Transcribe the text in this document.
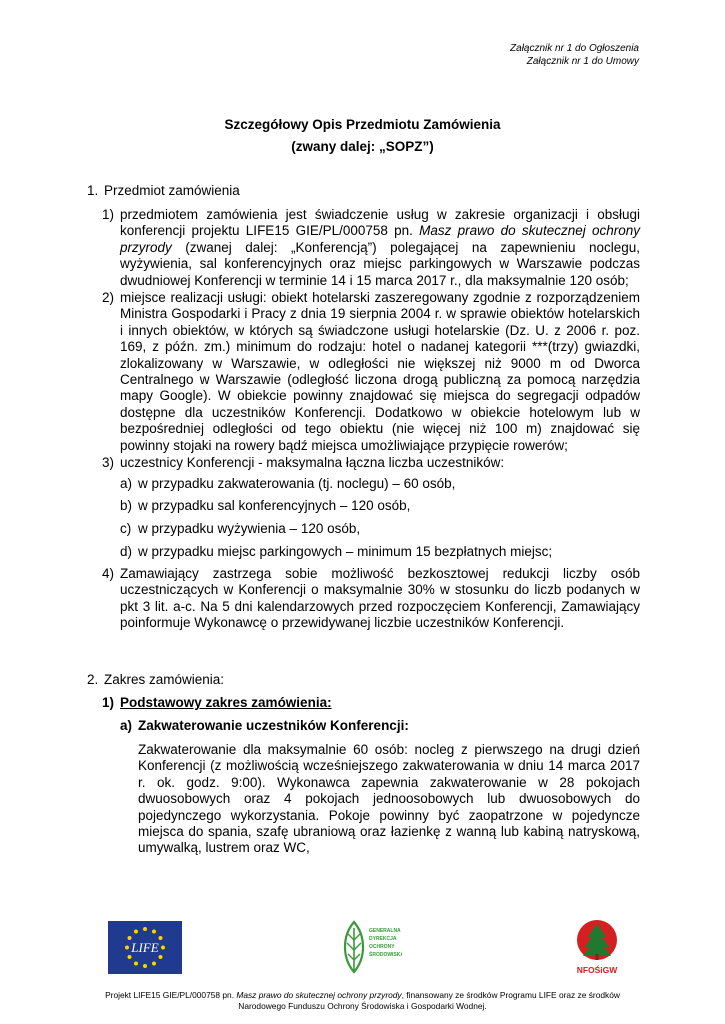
Załącznik nr 1 do Ogłoszenia
Załącznik nr 1 do Umowy
Szczegółowy Opis Przedmiotu Zamówienia
(zwany dalej: „SOPZ”)
1. Przedmiot zamówienia
1) przedmiotem zamówienia jest świadczenie usług w zakresie organizacji i obsługi konferencji projektu LIFE15 GIE/PL/000758 pn. Masz prawo do skutecznej ochrony przyrody (zwanej dalej: „Konferencją”) polegającej na zapewnieniu noclegu, wyżywienia, sal konferencyjnych oraz miejsc parkingowych w Warszawie podczas dwudniowej Konferencji w terminie 14 i 15 marca 2017 r., dla maksymalnie 120 osób;

2) miejsce realizacji usługi: obiekt hotelarski zaszeregowany zgodnie z rozporządzeniem Ministra Gospodarki i Pracy z dnia 19 sierpnia 2004 r. w sprawie obiektów hotelarskich i innych obiektów, w których są świadczone usługi hotelarskie (Dz. U. z 2006 r. poz. 169, z późn. zm.) minimum do rodzaju: hotel o nadanej kategorii ***(trzy) gwiazdki, zlokalizowany w Warszawie, w odległości nie większej niż 9000 m od Dworca Centralnego w Warszawie (odległość liczona drogą publiczną za pomocą narzędzia mapy Google). W obiekcie powinny znajdować się miejsca do segregacji odpadów dostępne dla uczestników Konferencji. Dodatkowo w obiekcie hotelowym lub w bezpośredniej odległości od tego obiektu (nie więcej niż 100 m) znajdować się powinny stojaki na rowery bądź miejsca umożliwiające przypięcie rowerów;

3) uczestnicy Konferencji - maksymalna łączna liczba uczestników:
a) w przypadku zakwaterowania (tj. noclegu) – 60 osób,
b) w przypadku sal konferencyjnych – 120 osób,
c) w przypadku wyżywienia – 120 osób,
d) w przypadku miejsc parkingowych – minimum 15 bezpłatnych miejsc;
4) Zamawiający zastrzega sobie możliwość bezkosztowej redukcji liczby osób uczestniczących w Konferencji o maksymalnie 30% w stosunku do liczb podanych w pkt 3 lit. a-c. Na 5 dni kalendarzowych przed rozpoczęciem Konferencji, Zamawiający poinformuje Wykonawcę o przewidywanej liczbie uczestników Konferencji.

2. Zakres zamówienia:
1) Podstawowy zakres zamówienia:
a) Zakwaterowanie uczestników Konferencji:

Zakwaterowanie dla maksymalnie 60 osób: nocleg z pierwszego na drugi dzień Konferencji (z możliwością wcześniejszego zakwaterowania w dniu 14 marca 2017 r. ok. godz. 9:00). Wykonawca zapewnia zakwaterowanie w 28 pokojach dwuosobowych oraz 4 pokojach jednoosobowych lub dwuosobowych do pojedynczego wykorzystania. Pokoje powinny być zaopatrzone w pojedyncze miejsca do spania, szafę ubraniową oraz łazienkę z wanną lub kabiną natryskową, umywalką, lustrem oraz WC,

LIFE
GENERALNA
DYREKCJA
OCHRONY
ŚRODOWISKA
NFOŚiGW
Projekt LIFE15 GIE/PL/000758 pn. Masz prawo do skutecznej ochrony przyrody, finansowany ze środków Programu LIFE oraz ze środków
Narodowego Funduszu Ochrony Środowiska i Gospodarki Wodnej.
